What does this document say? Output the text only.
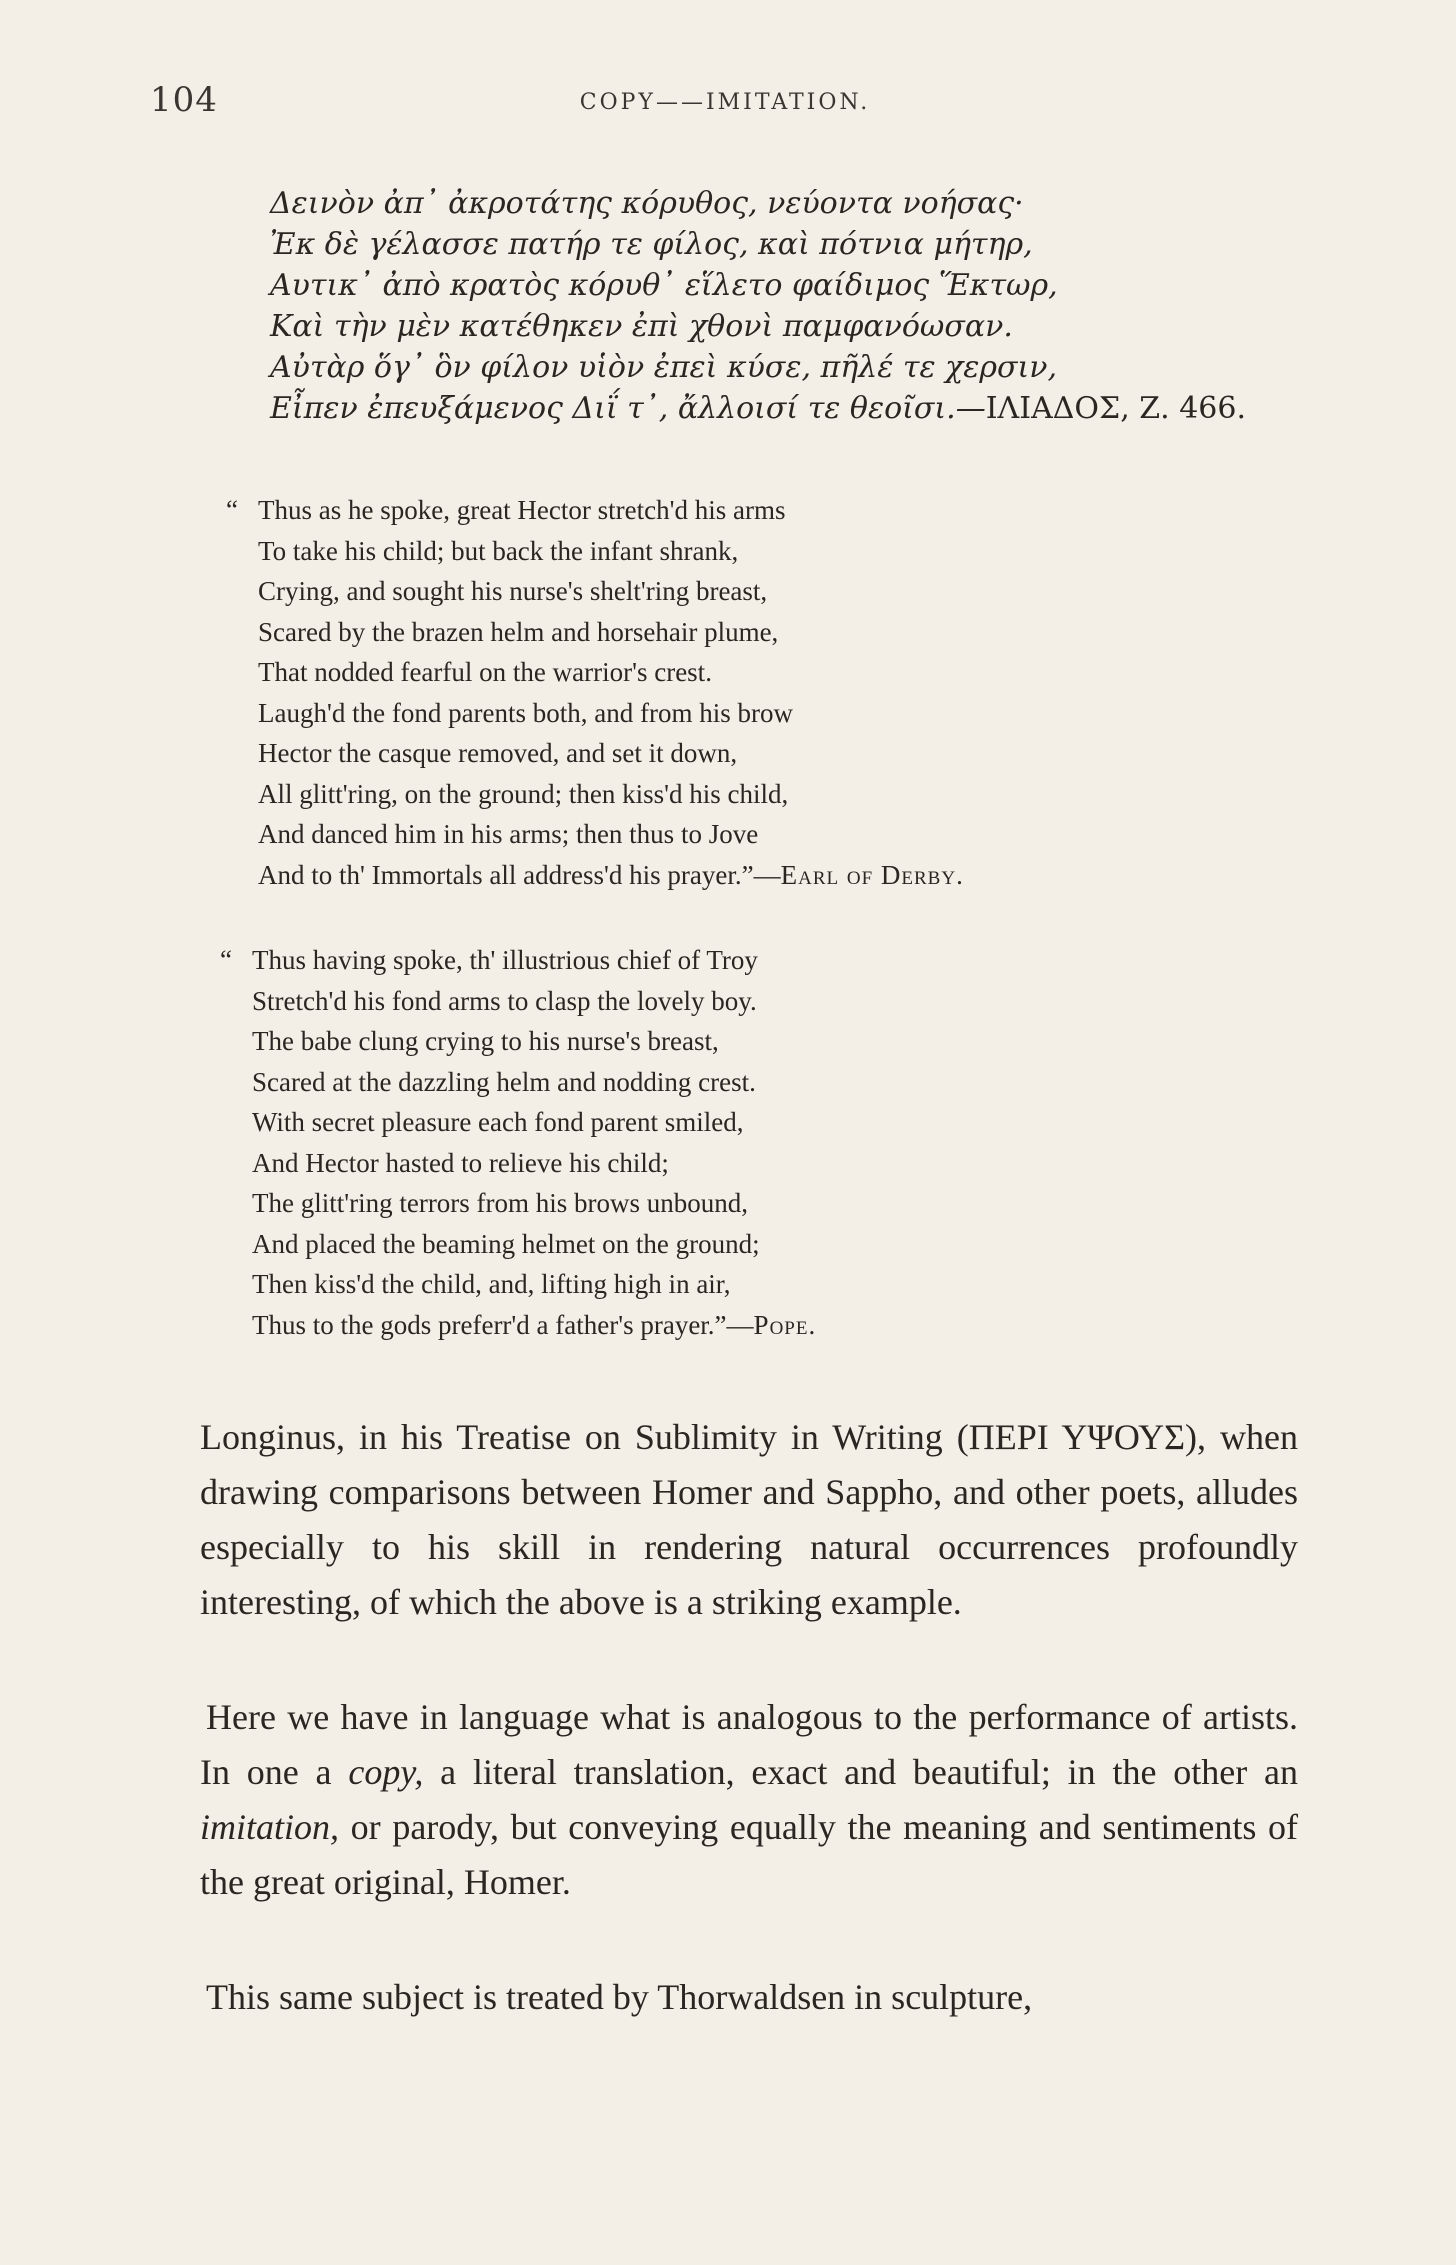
104	COPY——IMITATION.
Δεινὸν ἀπ᾽ ἀκροτάτης κόρυθος, νεύοντα νοήσας·
Ἐκ δὲ γέλασσε πατήρ τε φίλος, καὶ πότνια μήτηρ,
Αυτικ᾽ ἀπὸ κρατὸς κόρυθ᾽ εἵλετο φαίδιμος Ἕκτωρ,
Καὶ τὴν μὲν κατέθηκεν ἐπὶ χθονὶ παμφανόωσαν.
Αὐτὰρ ὅγ᾽ ὃν φίλον υἱὸν ἐπεὶ κύσε, πῆλέ τε χερσιν,
Εἶπεν ἐπευξάμενος Διΐ τ᾽, ἄλλοισί τε θεοῖσι.—ΙΛΙΑΔΟΣ, Ζ. 466.
“ Thus as he spoke, great Hector stretch'd his arms
To take his child; but back the infant shrank,
Crying, and sought his nurse's shelt'ring breast,
Scared by the brazen helm and horsehair plume,
That nodded fearful on the warrior's crest.
Laugh'd the fond parents both, and from his brow
Hector the casque removed, and set it down,
All glitt'ring, on the ground; then kiss'd his child,
And danced him in his arms; then thus to Jove
And to th' Immortals all address'd his prayer.”—Earl of Derby.
“ Thus having spoke, th' illustrious chief of Troy
Stretch'd his fond arms to clasp the lovely boy.
The babe clung crying to his nurse's breast,
Scared at the dazzling helm and nodding crest.
With secret pleasure each fond parent smiled,
And Hector hasted to relieve his child;
The glitt'ring terrors from his brows unbound,
And placed the beaming helmet on the ground;
Then kiss'd the child, and, lifting high in air,
Thus to the gods preferr'd a father's prayer.”—Pope.

Longinus, in his Treatise on Sublimity in Writing (ΠΕΡΙ ΥΨΟΥΣ), when drawing comparisons between Homer and Sappho, and other poets, alludes especially to his skill in rendering natural occurrences profoundly interesting, of which the above is a striking example.

Here we have in language what is analogous to the performance of artists. In one a copy, a literal translation, exact and beautiful; in the other an imitation, or parody, but conveying equally the meaning and sentiments of the great original, Homer.

This same subject is treated by Thorwaldsen in sculpture,
